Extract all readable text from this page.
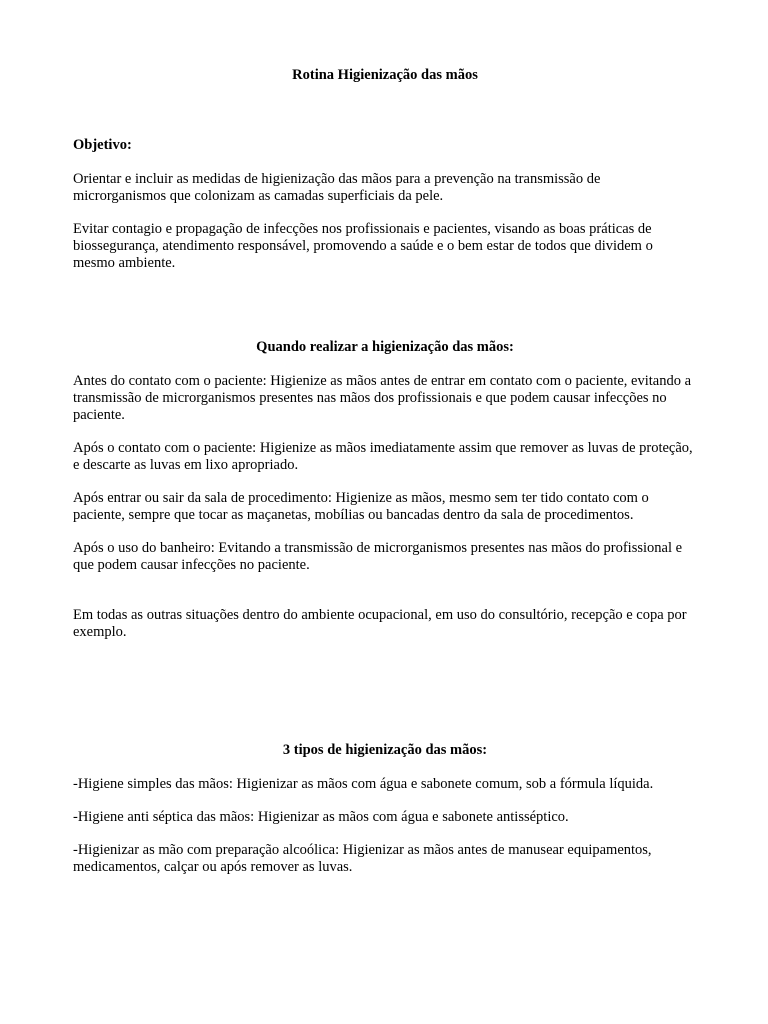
Rotina Higienização das mãos
Objetivo:

Orientar e incluir as medidas de higienização das mãos para a prevenção na transmissão de microrganismos que colonizam as camadas superficiais da pele.

Evitar contagio e propagação de infecções nos profissionais e pacientes, visando as boas práticas de biossegurança, atendimento responsável, promovendo a saúde e o bem estar de todos que dividem o mesmo ambiente.

Quando realizar a higienização das mãos:

Antes do contato com o paciente: Higienize as mãos antes de entrar em contato com o paciente, evitando a transmissão de microrganismos presentes nas mãos dos profissionais e que podem causar infecções no paciente.

Após o contato com o paciente: Higienize as mãos imediatamente assim que remover as luvas de proteção, e descarte as luvas em lixo apropriado.

Após entrar ou sair da sala de procedimento: Higienize as mãos, mesmo sem ter tido contato com o paciente, sempre que tocar as maçanetas, mobílias ou bancadas dentro da sala de procedimentos.

Após o uso do banheiro: Evitando a transmissão de microrganismos presentes nas mãos do profissional e que podem causar infecções no paciente.

Em todas as outras situações dentro do ambiente ocupacional, em uso do consultório, recepção e copa por exemplo.

3 tipos de higienização das mãos:

-Higiene simples das mãos: Higienizar as mãos com água e sabonete comum, sob a fórmula líquida.

-Higiene anti séptica das mãos: Higienizar as mãos com água e sabonete antisséptico.

-Higienizar as mão com preparação alcoólica: Higienizar as mãos antes de manusear equipamentos, medicamentos, calçar ou após remover as luvas.
